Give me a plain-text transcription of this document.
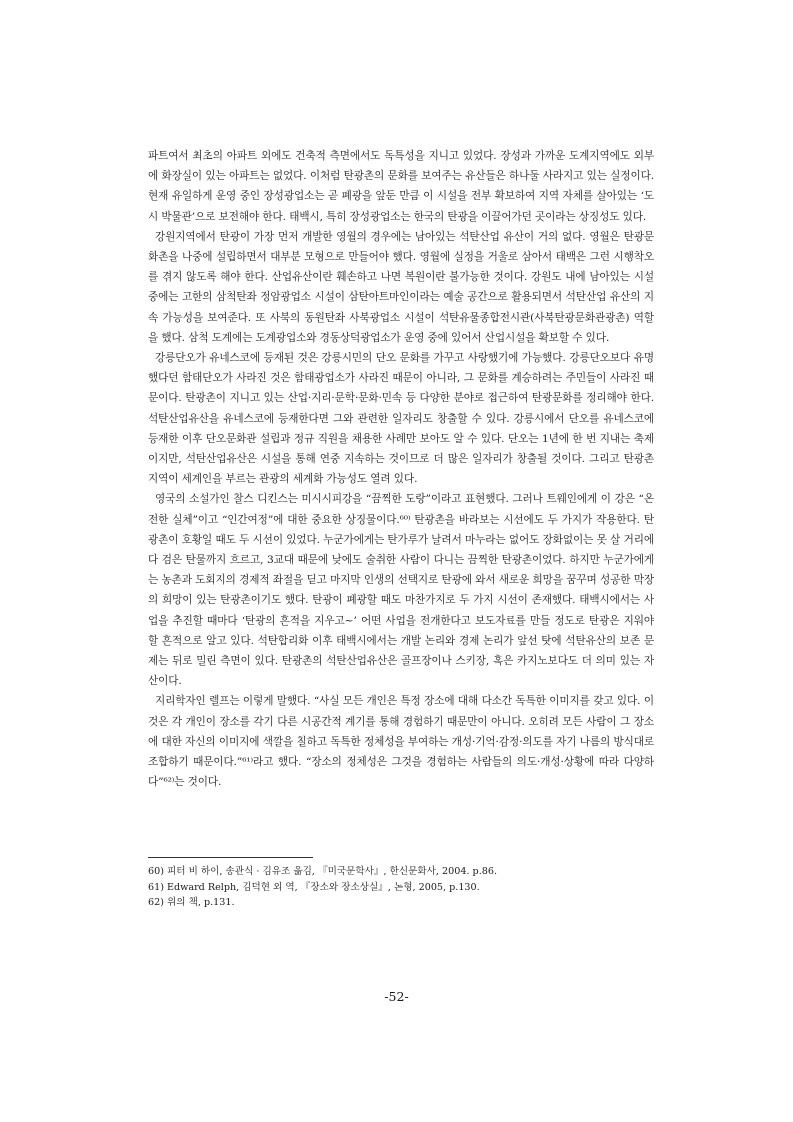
파트여서 최초의 아파트 외에도 건축적 측면에서도 독특성을 지니고 있었다. 장성과 가까운 도계지역에도 외부에 화장실이 있는 아파트는 없었다. 이처럼 탄광촌의 문화를 보여주는 유산들은 하나둘 사라지고 있는 실정이다. 현재 유일하게 운영 중인 장성광업소는 곧 폐광을 앞둔 만큼 이 시설을 전부 확보하여 지역 자체를 살아있는 ‘도시 박물관’으로 보전해야 한다. 태백시, 특히 장성광업소는 한국의 탄광을 이끌어가던 곳이라는 상징성도 있다.

강원지역에서 탄광이 가장 먼저 개발한 영월의 경우에는 남아있는 석탄산업 유산이 거의 없다. 영월은 탄광문화촌을 나중에 설립하면서 대부분 모형으로 만들어야 했다. 영월에 실정을 거울로 삼아서 태백은 그런 시행착오를 겪지 않도록 해야 한다. 산업유산이란 훼손하고 나면 복원이란 불가능한 것이다. 강원도 내에 남아있는 시설 중에는 고한의 삼척탄좌 정암광업소 시설이 삼탄아트마인이라는 예술 공간으로 활용되면서 석탄산업 유산의 지속 가능성을 보여준다. 또 사북의 동원탄좌 사북광업소 시설이 석탄유물종합전시관(사북탄광문화관광촌) 역할을 했다. 삼척 도계에는 도계광업소와 경동상덕광업소가 운영 중에 있어서 산업시설을 확보할 수 있다.

강릉단오가 유네스코에 등재된 것은 강릉시민의 단오 문화를 가꾸고 사랑했기에 가능했다. 강릉단오보다 유명했다던 함태단오가 사라진 것은 함태광업소가 사라진 때문이 아니라, 그 문화를 계승하려는 주민들이 사라진 때문이다. 탄광촌이 지니고 있는 산업·지리·문학·문화·민속 등 다양한 분야로 접근하여 탄광문화를 정리해야 한다. 석탄산업유산을 유네스코에 등재한다면 그와 관련한 일자리도 창출할 수 있다. 강릉시에서 단오를 유네스코에 등재한 이후 단오문화관 설립과 정규 직원을 채용한 사례만 보아도 알 수 있다. 단오는 1년에 한 번 지내는 축제이지만, 석탄산업유산은 시설을 통해 연중 지속하는 것이므로 더 많은 일자리가 창출될 것이다. 그리고 탄광촌 지역이 세계인을 부르는 관광의 세계화 가능성도 열려 있다.

영국의 소설가인 찰스 디킨스는 미시시피강을 “끔찍한 도랑”이라고 표현했다. 그러나 트웨인에게 이 강은 “온전한 실체”이고 “인간여정”에 대한 중요한 상징물이다.⁶⁰⁾ 탄광촌을 바라보는 시선에도 두 가지가 작용한다. 탄광촌이 호황일 때도 두 시선이 있었다. 누군가에게는 탄가루가 날려서 마누라는 없어도 장화없이는 못 살 거리에다 검은 탄물까지 흐르고, 3교대 때문에 낮에도 술취한 사람이 다니는 끔찍한 탄광촌이었다. 하지만 누군가에게는 농촌과 도회지의 경제적 좌절을 딛고 마지막 인생의 선택지로 탄광에 와서 새로운 희망을 꿈꾸며 성공한 막장의 희망이 있는 탄광촌이기도 했다. 탄광이 폐광할 때도 마찬가지로 두 가지 시선이 존재했다. 태백시에서는 사업을 추진할 때마다 ‘탄광의 흔적을 지우고~’ 어떤 사업을 전개한다고 보도자료를 만들 정도로 탄광은 지워야 할 흔적으로 알고 있다. 석탄합리화 이후 태백시에서는 개발 논리와 경제 논리가 앞선 탓에 석탄유산의 보존 문제는 뒤로 밀린 측면이 있다. 탄광촌의 석탄산업유산은 골프장이나 스키장, 혹은 카지노보다도 더 의미 있는 자산이다.

지리학자인 렐프는 이렇게 말했다. “사실 모든 개인은 특정 장소에 대해 다소간 독특한 이미지를 갖고 있다. 이것은 각 개인이 장소를 각기 다른 시공간적 계기를 통해 경험하기 때문만이 아니다. 오히려 모든 사람이 그 장소에 대한 자신의 이미지에 색깔을 칠하고 독특한 정체성을 부여하는 개성·기억·감정·의도를 자기 나름의 방식대로 조합하기 때문이다.”⁶¹⁾라고 했다. “장소의 정체성은 그것을 경험하는 사람들의 의도·개성·상황에 따라 다양하다”⁶²⁾는 것이다.

60) 피터 비 하이, 송관식 · 김유조 옮김, 『미국문학사』, 한신문화사, 2004. p.86.

61) Edward Relph, 김덕현 외 역, 『장소와 장소상실』, 논형, 2005, p.130.

62) 위의 책, p.131.

-52-
